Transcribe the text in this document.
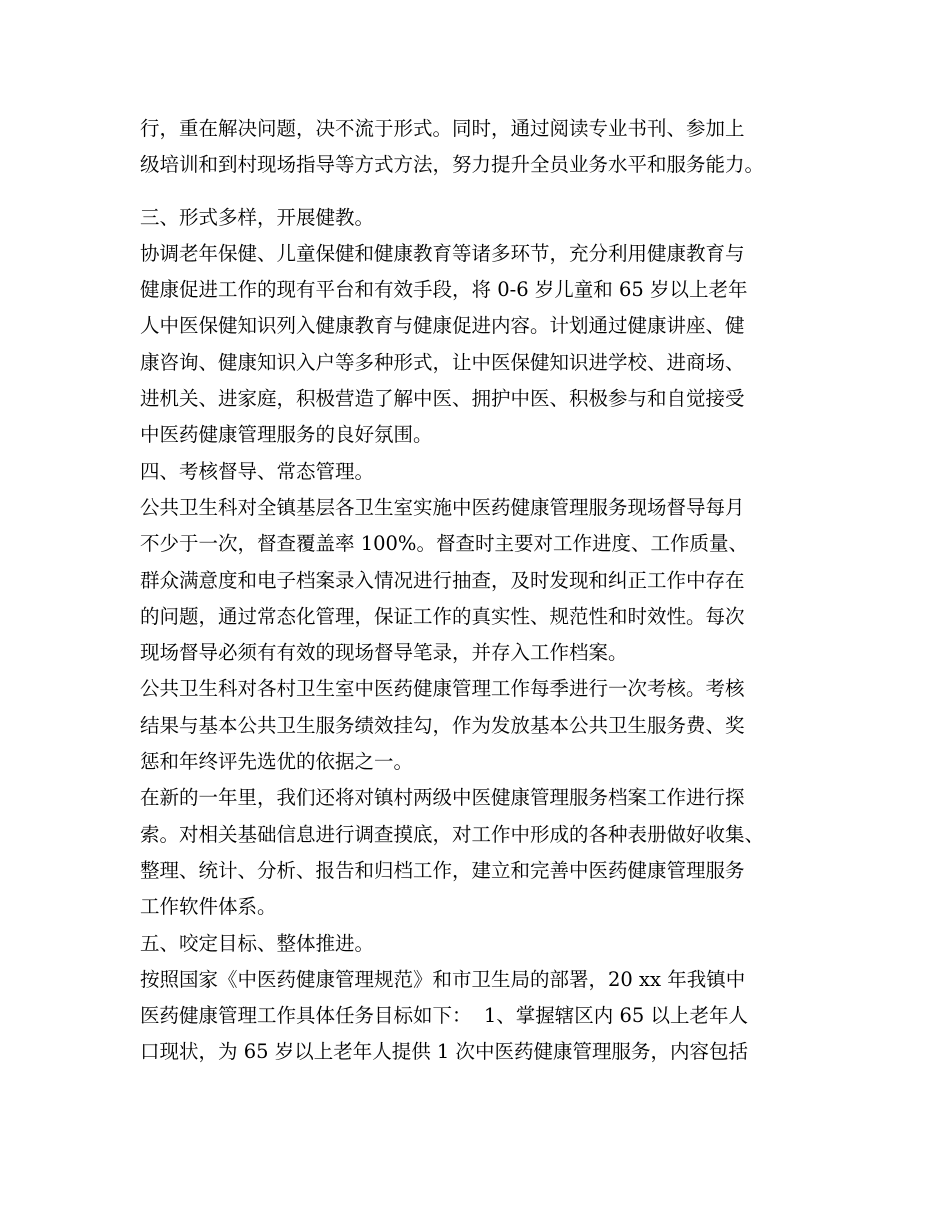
行，重在解决问题，决不流于形式。同时，通过阅读专业书刊、参加上
级培训和到村现场指导等方式方法，努力提升全员业务水平和服务能力。
三、形式多样，开展健教。
协调老年保健、儿童保健和健康教育等诸多环节，充分利用健康教育与
健康促进工作的现有平台和有效手段，将 0-6 岁儿童和 65 岁以上老年
人中医保健知识列入健康教育与健康促进内容。计划通过健康讲座、健
康咨询、健康知识入户等多种形式，让中医保健知识进学校、进商场、
进机关、进家庭，积极营造了解中医、拥护中医、积极参与和自觉接受
中医药健康管理服务的良好氛围。
四、考核督导、常态管理。
公共卫生科对全镇基层各卫生室实施中医药健康管理服务现场督导每月
不少于一次，督查覆盖率 100%。督查时主要对工作进度、工作质量、
群众满意度和电子档案录入情况进行抽查，及时发现和纠正工作中存在
的问题，通过常态化管理，保证工作的真实性、规范性和时效性。每次
现场督导必须有有效的现场督导笔录，并存入工作档案。
公共卫生科对各村卫生室中医药健康管理工作每季进行一次考核。考核
结果与基本公共卫生服务绩效挂勾，作为发放基本公共卫生服务费、奖
惩和年终评先选优的依据之一。
在新的一年里，我们还将对镇村两级中医健康管理服务档案工作进行探
索。对相关基础信息进行调查摸底，对工作中形成的各种表册做好收集、
整理、统计、分析、报告和归档工作，建立和完善中医药健康管理服务
工作软件体系。
五、咬定目标、整体推进。
按照国家《中医药健康管理规范》和市卫生局的部署，20 xx 年我镇中
医药健康管理工作具体任务目标如下：  1、掌握辖区内 65 以上老年人
口现状，为 65 岁以上老年人提供 1 次中医药健康管理服务，内容包括
